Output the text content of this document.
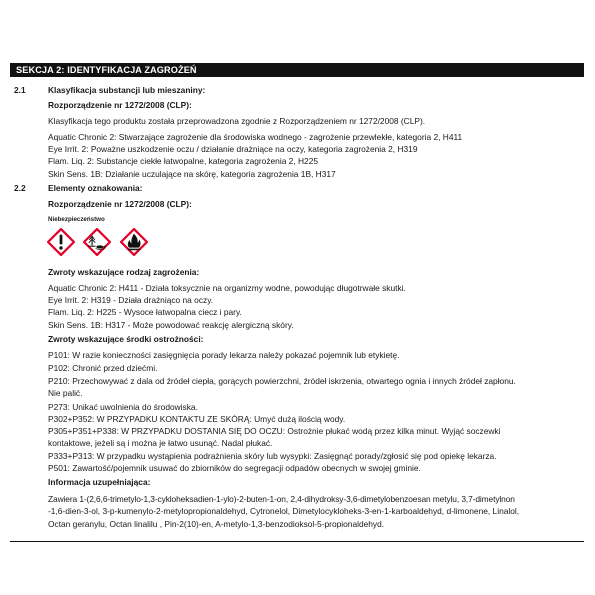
SEKCJA 2: IDENTYFIKACJA ZAGROŻEŃ
2.1	Klasyfikacja substancji lub mieszaniny:
Rozporządzenie nr 1272/2008 (CLP):
Klasyfikacja tego produktu została przeprowadzona zgodnie z Rozporządzeniem nr 1272/2008 (CLP).
Aquatic Chronic 2: Stwarzające zagrożenie dla środowiska wodnego - zagrożenie przewlekłe, kategoria 2, H411
Eye Irrit. 2: Poważne uszkodzenie oczu / działanie drażniące na oczy, kategoria zagrożenia 2, H319
Flam. Liq. 2: Substancje ciekłe łatwopalne, kategoria zagrożenia 2, H225
Skin Sens. 1B: Działanie uczulające na skórę, kategoria zagrożenia 1B, H317
2.2	Elementy oznakowania:
Rozporządzenie nr 1272/2008 (CLP):
Niebezpieczeństwo
Zwroty wskazujące rodzaj zagrożenia:
Aquatic Chronic 2: H411 - Działa toksycznie na organizmy wodne, powodując długotrwałe skutki.
Eye Irrit. 2: H319 - Działa drażniąco na oczy.
Flam. Liq. 2: H225 - Wysoce łatwopalna ciecz i pary.
Skin Sens. 1B: H317 - Może powodować reakcję alergiczną skóry.
Zwroty wskazujące środki ostrożności:
P101: W razie konieczności zasięgnięcia porady lekarza należy pokazać pojemnik lub etykietę.
P102: Chronić przed dziećmi.
P210: Przechowywać z dala od źródeł ciepła, gorących powierzchni, źródeł iskrzenia, otwartego ognia i innych źródeł zapłonu.
Nie palić.
P273: Unikać uwolnienia do środowiska.
P302+P352: W PRZYPADKU KONTAKTU ZE SKÓRĄ: Umyć dużą ilością wody.
P305+P351+P338: W PRZYPADKU DOSTANIA SIĘ DO OCZU: Ostrożnie płukać wodą przez kilka minut. Wyjąć soczewki
kontaktowe, jeżeli są i można je łatwo usunąć. Nadal płukać.
P333+P313: W przypadku wystąpienia podrażnienia skóry lub wysypki: Zasięgnąć porady/zgłosić się pod opiekę lekarza.
P501: Zawartość/pojemnik usuwać do zbiorników do segregacji odpadów obecnych w swojej gminie.
Informacja uzupełniająca:
Zawiera 1-(2,6,6-trimetylo-1,3-cykloheksadien-1-ylo)-2-buten-1-on, 2,4-dihydroksy-3,6-dimetylobenzoesan metylu, 3,7-dimetylnon
-1,6-dien-3-ol, 3-p-kumenylo-2-metylopropionaldehyd, Cytronelol, Dimetylocykloheks-3-en-1-karboaldehyd, d-limonene, Linalol,
Octan geranylu, Octan linalilu , Pin-2(10)-en, A-metylo-1,3-benzodioksol-5-propionaldehyd.
